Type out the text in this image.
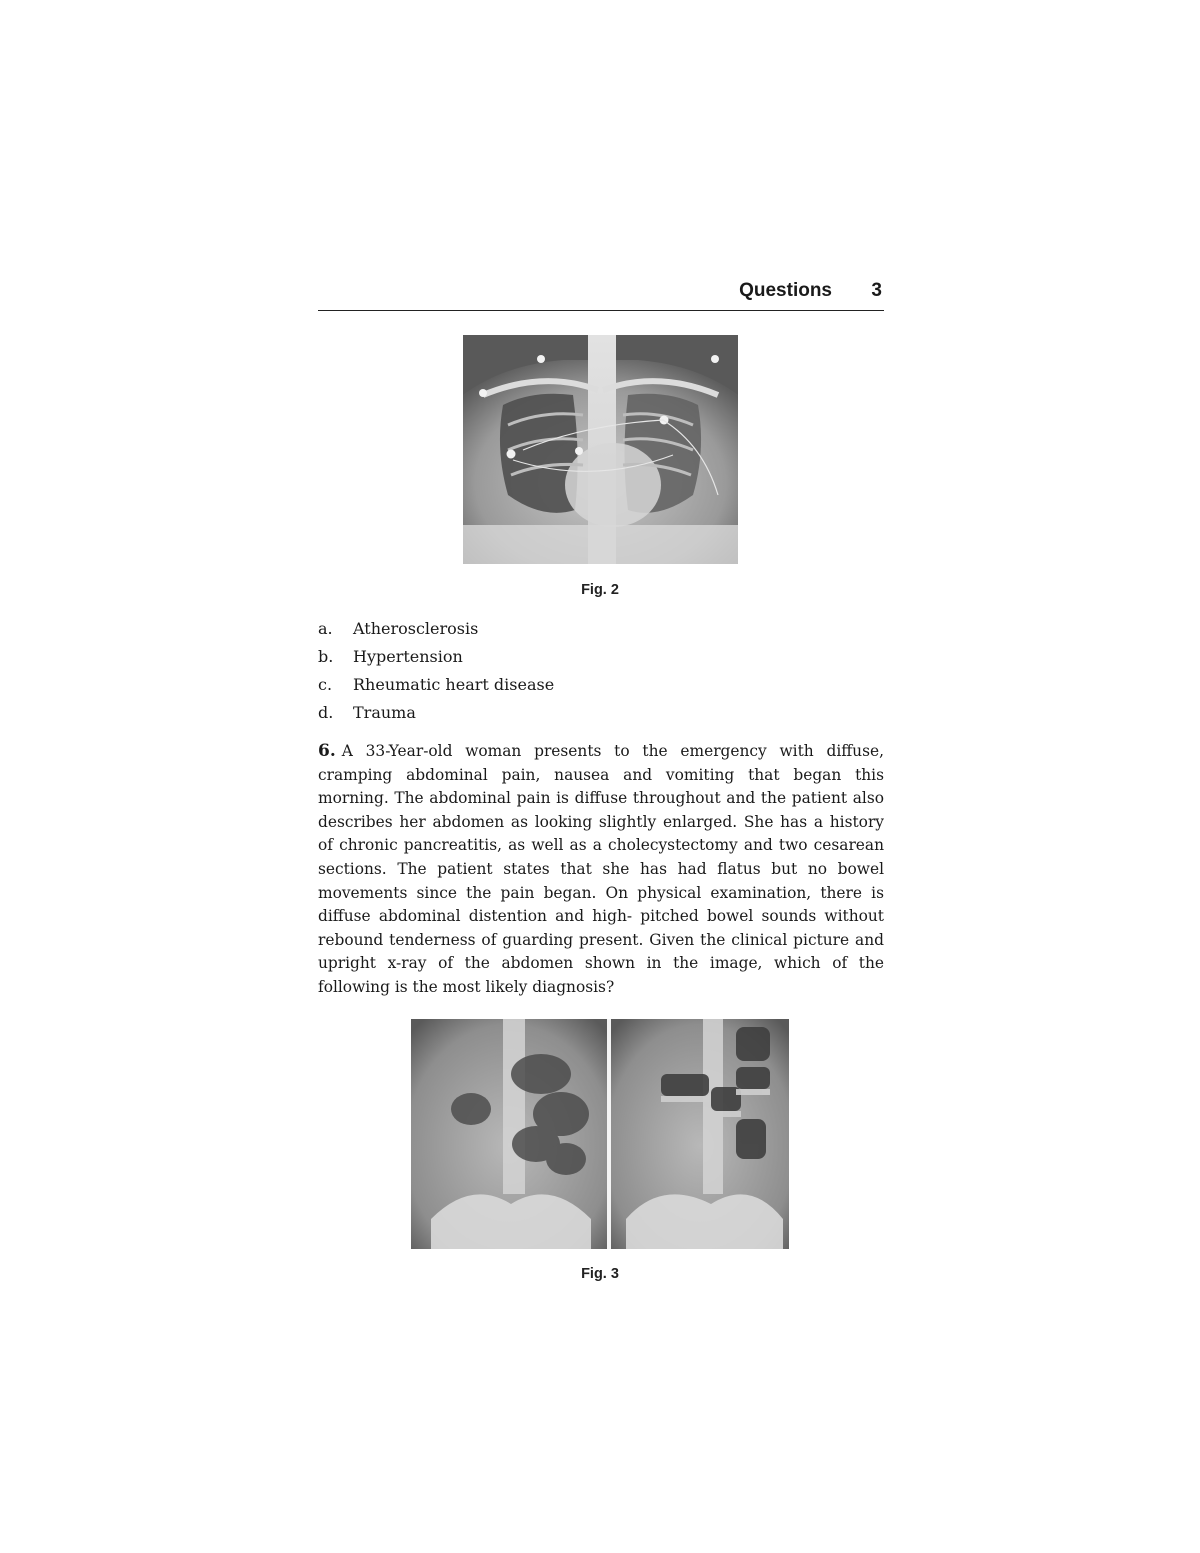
Questions 3
Fig. 2
a. Atherosclerosis
b. Hypertension
c. Rheumatic heart disease
d. Trauma
6. A 33-Year-old woman presents to the emergency with diffuse, cramping abdominal pain, nausea and vomiting that began this morning. The abdominal pain is diffuse throughout and the patient also describes her abdomen as looking slightly enlarged. She has a history of chronic pancreatitis, as well as a cholecystectomy and two cesarean sections. The patient states that she has had flatus but no bowel movements since the pain began. On physical examination, there is diffuse abdominal distention and high- pitched bowel sounds without rebound tenderness of guarding present. Given the clinical picture and upright x-ray of the abdomen shown in the image, which of the following is the most likely diagnosis?
Fig. 3
